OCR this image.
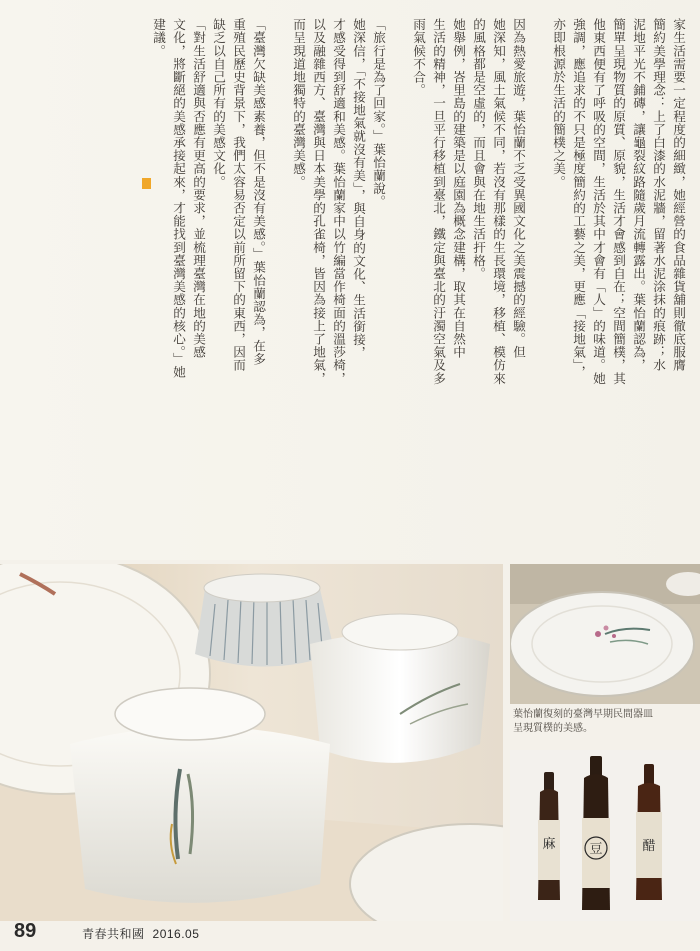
家生活需要一定程度的細緻，她經營的食品雜貨舖則徹底服膺
簡約美學理念：上了白漆的水泥牆，留著水泥涂抹的痕跡；水
泥地平光不鋪磚，讓龜裂紋路隨歲月流轉露出。葉怡蘭認為，
簡單呈現物質的原質、原貌，生活才會感到自在；空間簡樸，其
他東西便有了呼吸的空間，生活於其中才會有「人」的味道。她
強調，應追求的不只是極度簡約的工藝之美，更應「接地氣」，
亦即根源於生活的簡樸之美。
因為熱愛旅遊，葉怡蘭不乏受異國文化之美震撼的經驗。但
她深知，風土氣候不同，若沒有那樣的生長環境，移植、模仿來
的風格都是空虛的，而且會與在地生活扞格。
她舉例，峇里島的建築是以庭園為概念建構，取其在自然中
生活的精神，一旦平行移植到臺北，鐵定與臺北的汙濁空氣及多
雨氣候不合。
「旅行是為了回家。」葉怡蘭說。
她深信，「不接地氣就沒有美」，與自身的文化、生活銜接，
才感受得到舒適和美感。葉怡蘭家中以竹編當作椅面的溫莎椅，
以及融雜西方、臺灣與日本美學的孔雀椅，皆因為接上了地氣，
而呈現道地獨特的臺灣美感。
「臺灣欠缺美感素養，但不是沒有美感。」葉怡蘭認為，在多
重殖民歷史背景下，我們太容易否定以前所留下的東西，因而
缺乏以自己所有的美感文化。
「對生活舒適與否應有更高的要求，並梳理臺灣在地的美感
文化，將斷絕的美感承接起來，才能找到臺灣美感的核心。」她
建議。
葉怡蘭復刻的臺灣早期民間器皿
呈現質樸的美感。
麻	豆	醋
89	青春共和國 2016.05
